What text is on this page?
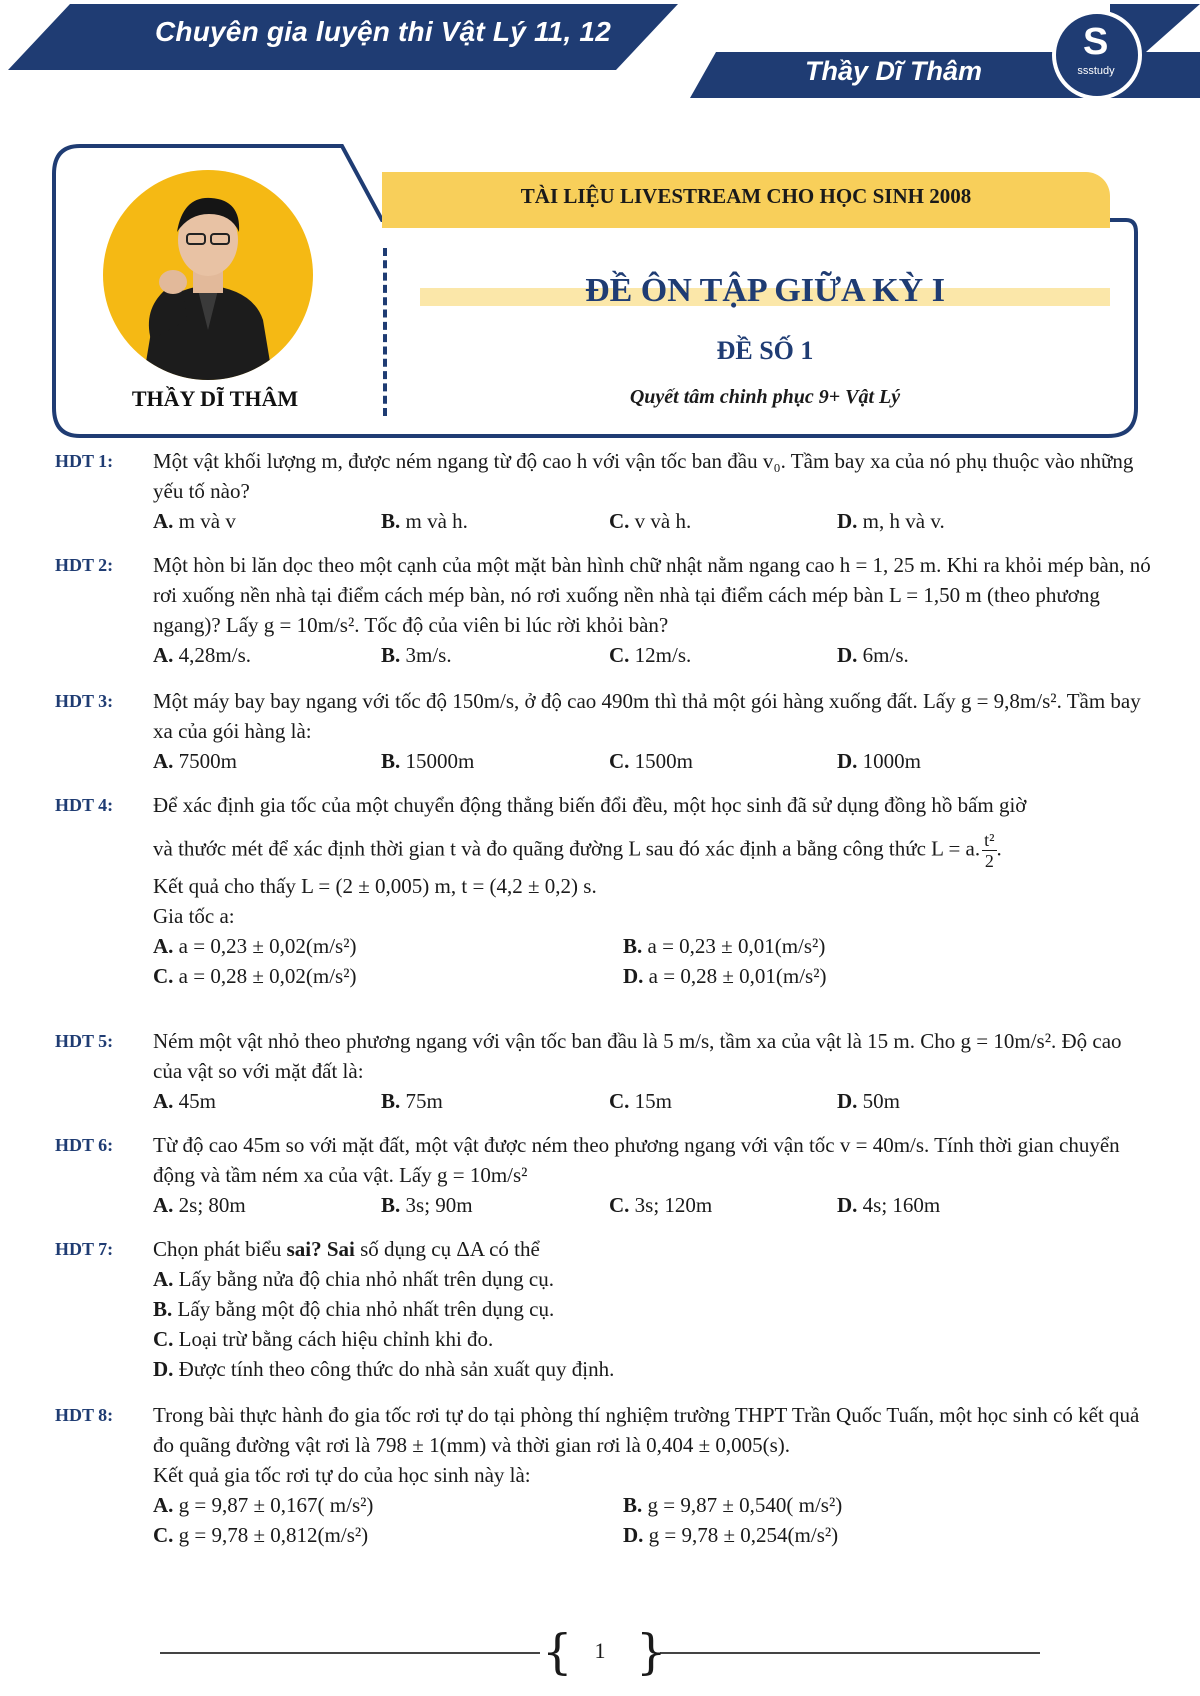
Chuyên gia luyện thi Vật Lý 11, 12
Thầy Dĩ Thâm
S
ssstudy
TÀI LIỆU LIVESTREAM CHO HỌC SINH 2008
THẦY DĨ THÂM
ĐỀ ÔN TẬP GIỮA KỲ I
ĐỀ SỐ 1
Quyết tâm chinh phục 9+ Vật Lý
HDT 1: Một vật khối lượng m, được ném ngang từ độ cao h với vận tốc ban đầu v₀. Tầm bay xa của nó phụ thuộc vào những yếu tố nào?
A. m và v	B. m và h.	C. v và h.	D. m, h và v.
HDT 2: Một hòn bi lăn dọc theo một cạnh của một mặt bàn hình chữ nhật nằm ngang cao h = 1, 25 m. Khi ra khỏi mép bàn, nó rơi xuống nền nhà tại điểm cách mép bàn, nó rơi xuống nền nhà tại điểm cách mép bàn L = 1,50 m (theo phương ngang)? Lấy g = 10m/s². Tốc độ của viên bi lúc rời khỏi bàn?
A. 4,28m/s.	B. 3m/s.	C. 12m/s.	D. 6m/s.
HDT 3: Một máy bay bay ngang với tốc độ 150m/s, ở độ cao 490m thì thả một gói hàng xuống đất. Lấy g = 9,8m/s². Tầm bay xa của gói hàng là:
A. 7500m	B. 15000m	C. 1500m	D. 1000m
HDT 4: Để xác định gia tốc của một chuyển động thẳng biến đổi đều, một học sinh đã sử dụng đồng hồ bấm giờ
và thước mét để xác định thời gian t và đo quãng đường L sau đó xác định a bằng công thức L = a. $\frac{\text{t²}}{2}$ .
Kết quả cho thấy L = (2 ± 0,005) m, t = (4,2 ± 0,2) s.
Gia tốc a:
A. a = 0,23 ± 0,02(m/s²)	B. a = 0,23 ± 0,01(m/s²)
C. a = 0,28 ± 0,02(m/s²)	D. a = 0,28 ± 0,01(m/s²)
HDT 5: Ném một vật nhỏ theo phương ngang với vận tốc ban đầu là 5 m/s, tầm xa của vật là 15 m. Cho g = 10m/s². Độ cao của vật so với mặt đất là:
A. 45m	B. 75m	C. 15m	D. 50m
HDT 6: Từ độ cao 45m so với mặt đất, một vật được ném theo phương ngang với vận tốc v = 40m/s. Tính thời gian chuyển động và tầm ném xa của vật. Lấy g = 10m/s²
A. 2s; 80m	B. 3s; 90m	C. 3s; 120m	D. 4s; 160m
HDT 7: Chọn phát biểu sai? Sai số dụng cụ ΔA có thể
A. Lấy bằng nửa độ chia nhỏ nhất trên dụng cụ.
B. Lấy bằng một độ chia nhỏ nhất trên dụng cụ.
C. Loại trừ bằng cách hiệu chỉnh khi đo.
D. Được tính theo công thức do nhà sản xuất quy định.
HDT 8: Trong bài thực hành đo gia tốc rơi tự do tại phòng thí nghiệm trường THPT Trần Quốc Tuấn, một học sinh có kết quả đo quãng đường vật rơi là 798 ± 1(mm) và thời gian rơi là 0,404 ± 0,005(s).
Kết quả gia tốc rơi tự do của học sinh này là:
A. g = 9,87 ± 0,167( m/s²)	B. g = 9,87 ± 0,540( m/s²)
C. g = 9,78 ± 0,812(m/s²)	D. g = 9,78 ± 0,254(m/s²)
{ }
1
